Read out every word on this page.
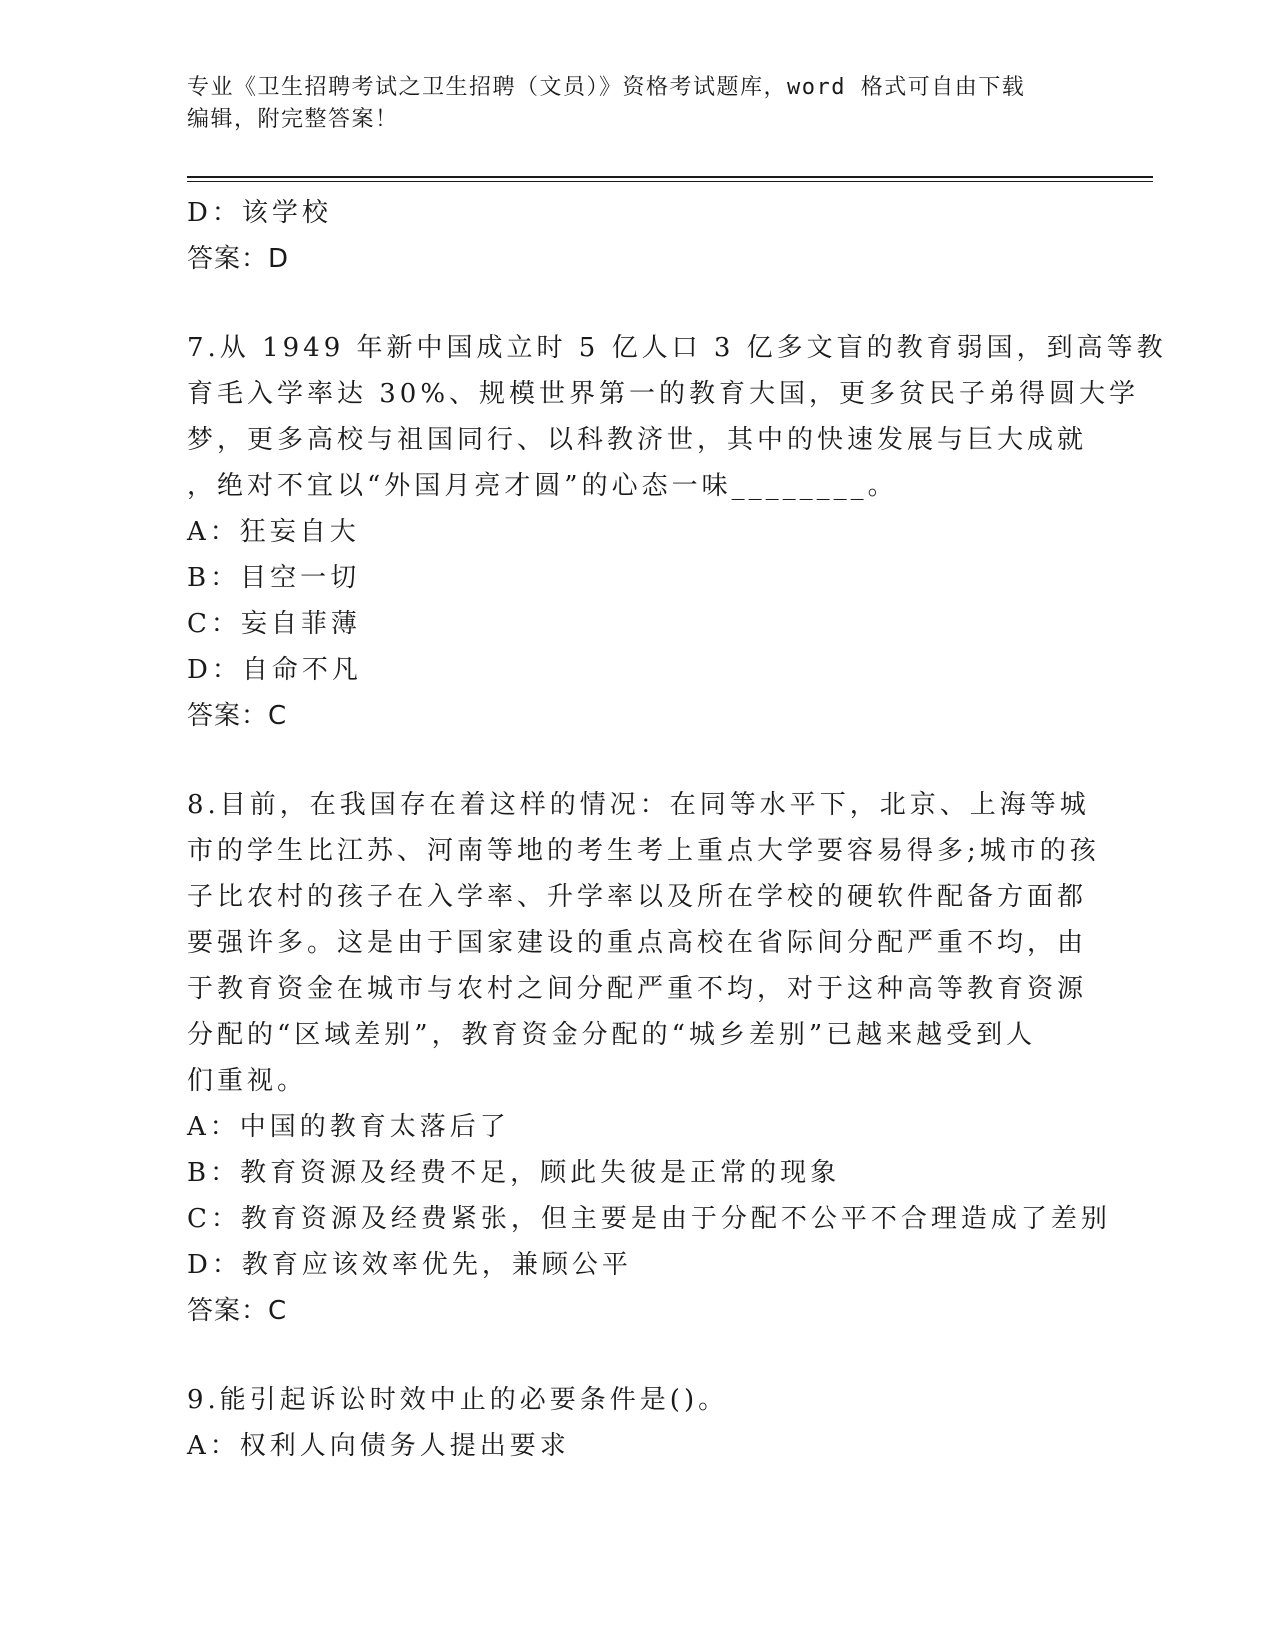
专业《卫生招聘考试之卫生招聘（文员）》资格考试题库，word 格式可自由下载

编辑，附完整答案！

D：该学校

答案：D

7.从 1949 年新中国成立时 5 亿人口 3 亿多文盲的教育弱国，到高等教

育毛入学率达 30%、规模世界第一的教育大国，更多贫民子弟得圆大学

梦，更多高校与祖国同行、以科教济世，其中的快速发展与巨大成就

，绝对不宜以“外国月亮才圆”的心态一味________。

A：狂妄自大

B：目空一切

C：妄自菲薄

D：自命不凡

答案：C

8.目前，在我国存在着这样的情况：在同等水平下，北京、上海等城

市的学生比江苏、河南等地的考生考上重点大学要容易得多;城市的孩

子比农村的孩子在入学率、升学率以及所在学校的硬软件配备方面都

要强许多。这是由于国家建设的重点高校在省际间分配严重不均，由

于教育资金在城市与农村之间分配严重不均，对于这种高等教育资源

分配的“区域差别”，教育资金分配的“城乡差别”已越来越受到人

们重视。

A：中国的教育太落后了

B：教育资源及经费不足，顾此失彼是正常的现象

C：教育资源及经费紧张，但主要是由于分配不公平不合理造成了差别

D：教育应该效率优先，兼顾公平

答案：C

9.能引起诉讼时效中止的必要条件是()。

A：权利人向债务人提出要求
